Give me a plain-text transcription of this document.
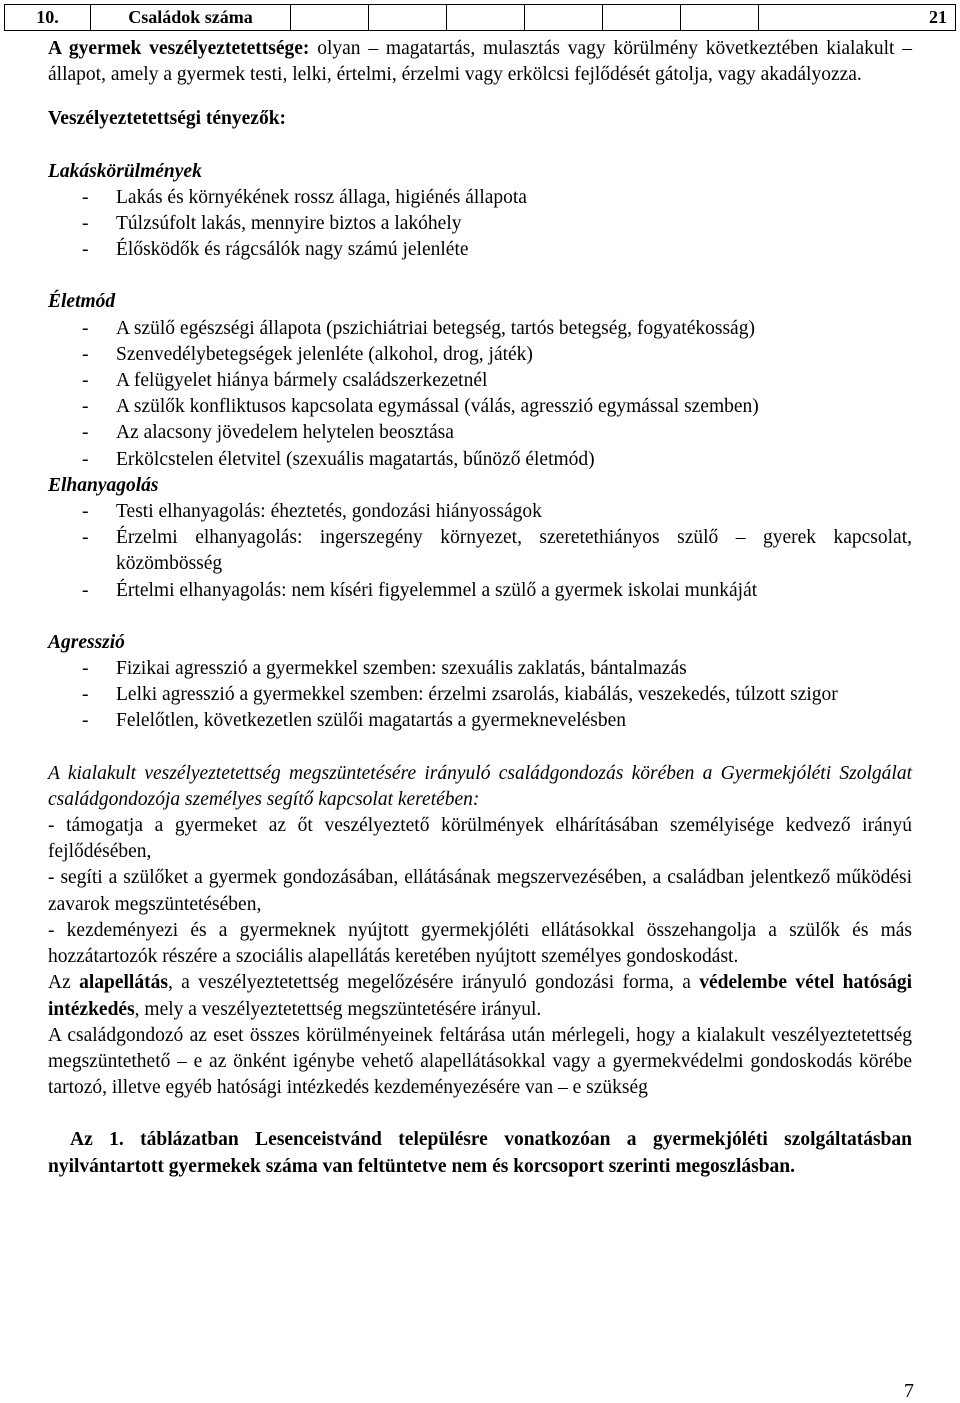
10.	Családok száma	21

A gyermek veszélyeztetettsége: olyan – magatartás, mulasztás vagy körülmény következtében kialakult – állapot, amely a gyermek testi, lelki, értelmi, érzelmi vagy erkölcsi fejlődését gátolja, vagy akadályozza.

Veszélyeztetettségi tényezők:

Lakáskörülmények

- Lakás és környékének rossz állaga, higiénés állapota
- Túlzsúfolt lakás, mennyire biztos a lakóhely
- Élősködők és rágcsálók nagy számú jelenléte

Életmód

- A szülő egészségi állapota (pszichiátriai betegség, tartós betegség, fogyatékosság)
- Szenvedélybetegségek jelenléte (alkohol, drog, játék)
- A felügyelet hiánya bármely családszerkezetnél
- A szülők konfliktusos kapcsolata egymással (válás, agresszió egymással szemben)
- Az alacsony jövedelem helytelen beosztása
- Erkölcstelen életvitel (szexuális magatartás, bűnöző életmód)

Elhanyagolás

- Testi elhanyagolás: éheztetés, gondozási hiányosságok
- Érzelmi elhanyagolás: ingerszegény környezet, szeretethiányos szülő – gyerek kapcsolat, közömbösség
- Értelmi elhanyagolás: nem kíséri figyelemmel a szülő a gyermek iskolai munkáját

Agresszió

- Fizikai agresszió a gyermekkel szemben: szexuális zaklatás, bántalmazás
- Lelki agresszió a gyermekkel szemben: érzelmi zsarolás, kiabálás, veszekedés, túlzott szigor
- Felelőtlen, következetlen szülői magatartás a gyermeknevelésben

A kialakult veszélyeztetettség megszüntetésére irányuló családgondozás körében a Gyermekjóléti Szolgálat családgondozója személyes segítő kapcsolat keretében:

- támogatja a gyermeket az őt veszélyeztető körülmények elhárításában személyisége kedvező irányú fejlődésében,

- segíti a szülőket a gyermek gondozásában, ellátásának megszervezésében, a családban jelentkező működési zavarok megszüntetésében,

- kezdeményezi és a gyermeknek nyújtott gyermekjóléti ellátásokkal összehangolja a szülők és más hozzátartozók részére a szociális alapellátás keretében nyújtott személyes gondoskodást.

Az alapellátás, a veszélyeztetettség megelőzésére irányuló gondozási forma, a védelembe vétel hatósági intézkedés, mely a veszélyeztetettség megszüntetésére irányul.

A családgondozó az eset összes körülményeinek feltárása után mérlegeli, hogy a kialakult veszélyeztetettség megszüntethető – e az önként igénybe vehető alapellátásokkal vagy a gyermekvédelmi gondoskodás körébe tartozó, illetve egyéb hatósági intézkedés kezdeményezésére van – e szükség

Az 1. táblázatban Lesenceistvánd településre vonatkozóan a gyermekjóléti szolgáltatásban nyilvántartott gyermekek száma van feltüntetve nem és korcsoport szerinti megoszlásban.

7
